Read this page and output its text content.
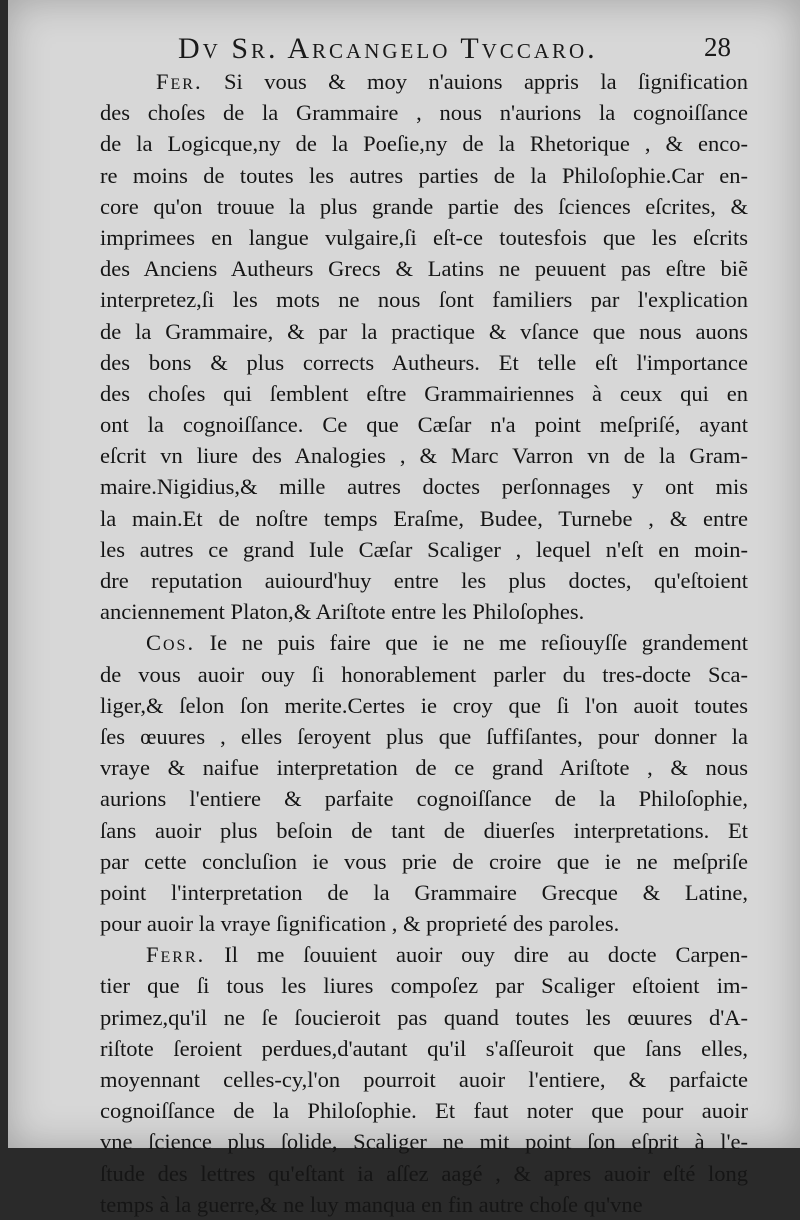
Dv Sr. Arcangelo Tvccaro.	28
Fer. Si vous & moy n'auions appris la ſignification
des choſes de la Grammaire , nous n'aurions la cognoiſſance
de la Logicque,ny de la Poeſie,ny de la Rhetorique , & enco-
re moins de toutes les autres parties de la Philoſophie.Car en-
core qu'on trouue la plus grande partie des ſciences eſcrites, &
imprimees en langue vulgaire,ſi eſt-ce toutesfois que les eſcrits
des Anciens Autheurs Grecs & Latins ne peuuent pas eſtre biẽ
interpretez,ſi les mots ne nous ſont familiers par l'explication
de la Grammaire, & par la practique & vſance que nous auons
des bons & plus corrects Autheurs. Et telle eſt l'importance
des choſes qui ſemblent eſtre Grammairiennes à ceux qui en
ont la cognoiſſance. Ce que Cæſar n'a point meſpriſé, ayant
eſcrit vn liure des Analogies , & Marc Varron vn de la Gram-
maire.Nigidius,& mille autres doctes perſonnages y ont mis
la main.Et de noſtre temps Eraſme, Budee, Turnebe , & entre
les autres ce grand Iule Cæſar Scaliger , lequel n'eſt en moin-
dre reputation auiourd'huy entre les plus doctes, qu'eſtoient
anciennement Platon,& Ariſtote entre les Philoſophes.
Cos. Ie ne puis faire que ie ne me reſiouyſſe grandement
de vous auoir ouy ſi honorablement parler du tres-docte Sca-
liger,& ſelon ſon merite.Certes ie croy que ſi l'on auoit toutes
ſes œuures , elles ſeroyent plus que ſuffiſantes, pour donner la
vraye & naifue interpretation de ce grand Ariſtote , & nous
aurions l'entiere & parfaite cognoiſſance de la Philoſophie,
ſans auoir plus beſoin de tant de diuerſes interpretations. Et
par cette concluſion ie vous prie de croire que ie ne meſpriſe
point l'interpretation de la Grammaire Grecque & Latine,
pour auoir la vraye ſignification , & proprieté des paroles.
Ferr. Il me ſouuient auoir ouy dire au docte Carpen-
tier que ſi tous les liures compoſez par Scaliger eſtoient im-
primez,qu'il ne ſe ſoucieroit pas quand toutes les œuures d'A-
riſtote ſeroient perdues,d'autant qu'il s'aſſeuroit que ſans elles,
moyennant celles-cy,l'on pourroit auoir l'entiere, & parfaicte
cognoiſſance de la Philoſophie. Et faut noter que pour auoir
vne ſcience plus ſolide, Scaliger ne mit point ſon eſprit à l'e-
ſtude des lettres qu'eſtant ia aſſez aagé , & apres auoir eſté long
temps à la guerre,& ne luy manqua en fin autre choſe qu'vne
